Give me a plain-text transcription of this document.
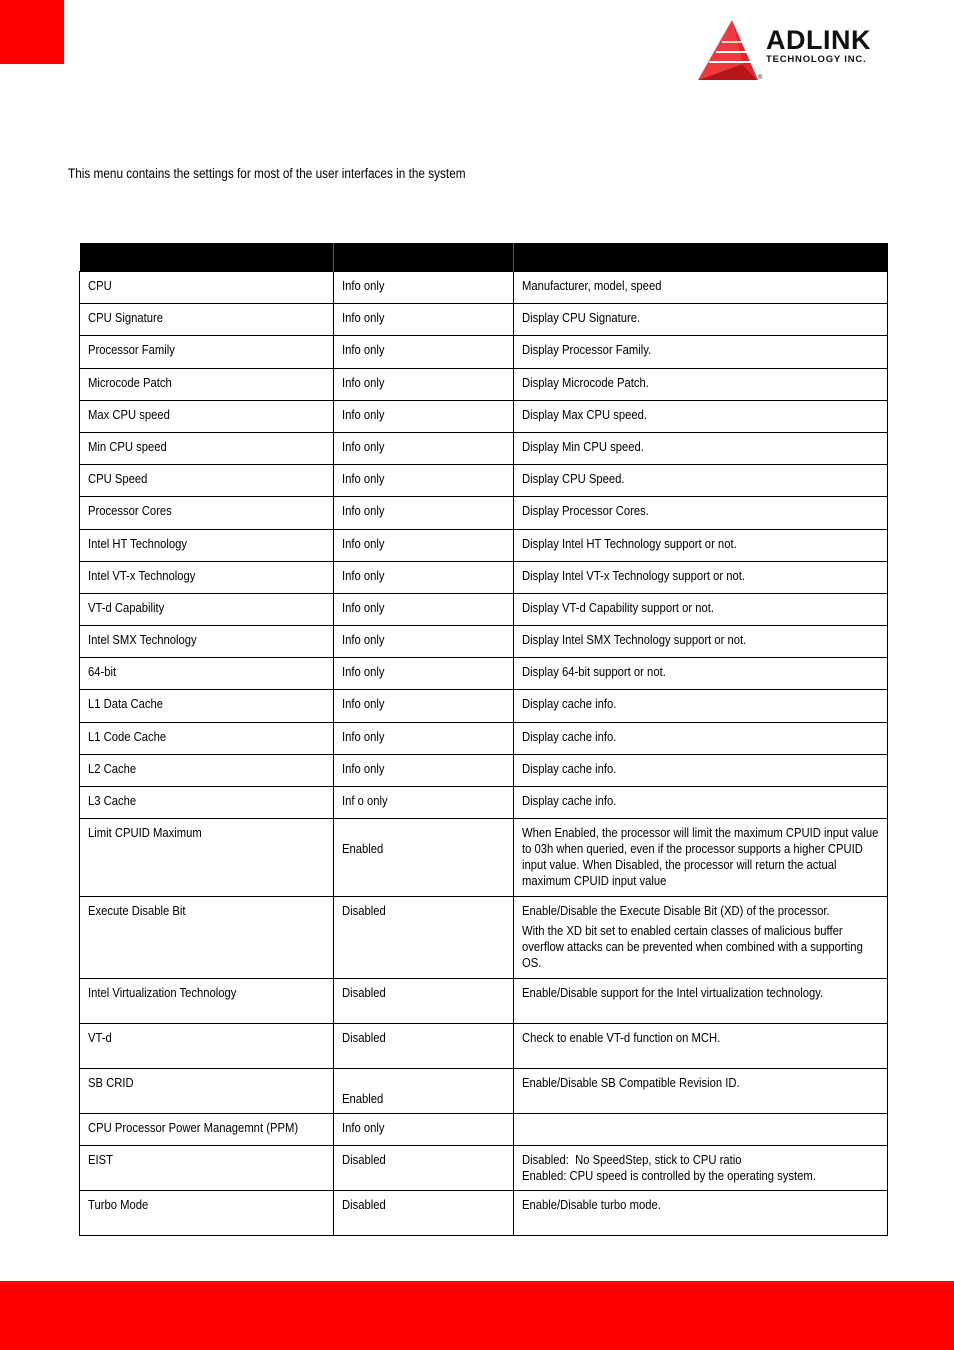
ADLINK
TECHNOLOGY INC.
®
This menu contains the settings for most of the user interfaces in the system

CPU	Info only	Manufacturer, model, speed

CPU Signature	Info only	Display CPU Signature.

Processor Family	Info only	Display Processor Family.

Microcode Patch	Info only	Display Microcode Patch.

Max CPU speed	Info only	Display Max CPU speed.

Min CPU speed	Info only	Display Min CPU speed.

CPU Speed	Info only	Display CPU Speed.

Processor Cores	Info only	Display Processor Cores.

Intel HT Technology	Info only	Display Intel HT Technology support or not.

Intel VT-x Technology	Info only	Display Intel VT-x Technology support or not.

VT-d Capability	Info only	Display VT-d Capability support or not.

Intel SMX Technology	Info only	Display Intel SMX Technology support or not.

64-bit	Info only	Display 64-bit support or not.

L1 Data Cache	Info only	Display cache info.

L1 Code Cache	Info only	Display cache info.

L2 Cache	Info only	Display cache info.

L3 Cache	Inf o only	Display cache info.

Limit CPUID Maximum	Enabled	When Enabled, the processor will limit the maximum CPUID input value to 03h when queried, even if the processor supports a higher CPUID input value. When Disabled, the processor will return the actual maximum CPUID input value

Execute Disable Bit	Disabled	Enable/Disable the Execute Disable Bit (XD) of the processor.
With the XD bit set to enabled certain classes of malicious buffer overflow attacks can be prevented when combined with a supporting OS.

Intel Virtualization Technology	Disabled	Enable/Disable support for the Intel virtualization technology.

VT-d	Disabled	Check to enable VT-d function on MCH.

SB CRID	Enabled	Enable/Disable SB Compatible Revision ID.

CPU Processor Power Managemnt (PPM)	Info only	

EIST	Disabled	Disabled:  No SpeedStep, stick to CPU ratio
Enabled: CPU speed is controlled by the operating system.

Turbo Mode	Disabled	Enable/Disable turbo mode.
